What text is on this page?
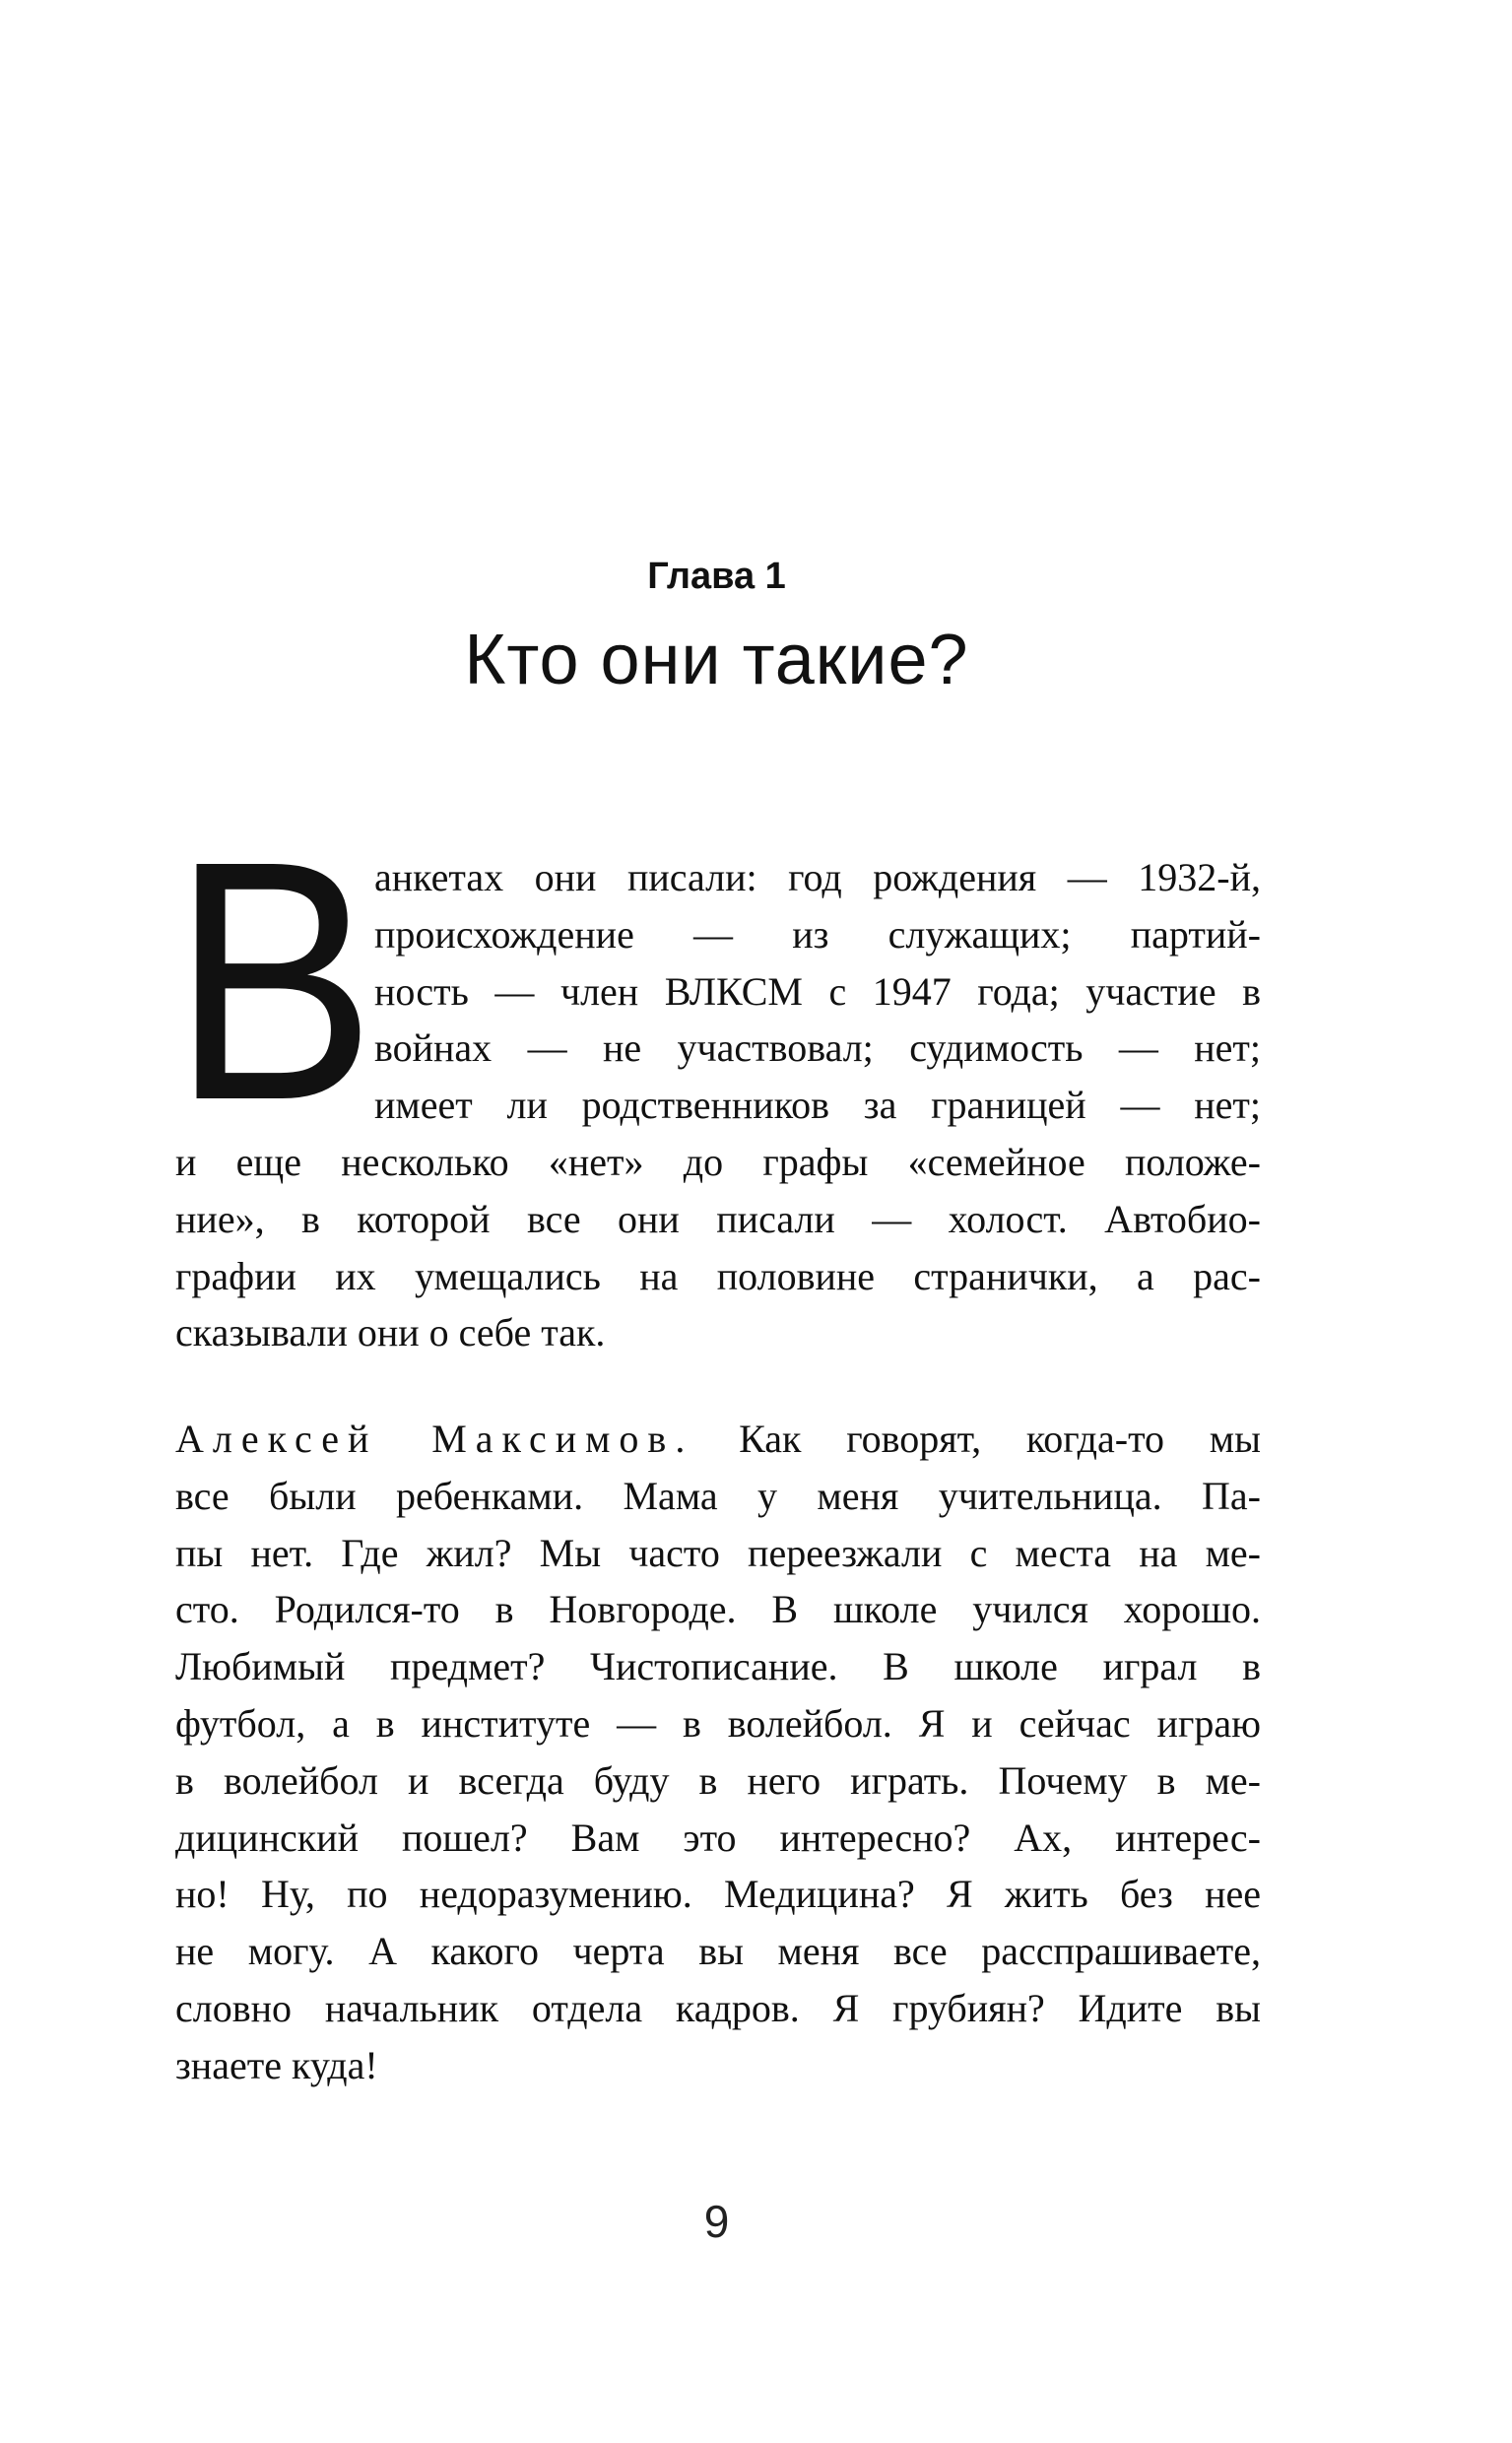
Глава 1
Кто они такие?
В
анкетах они писали: год рождения — 1932-й,
происхождение — из служащих; партий-
ность — член ВЛКСМ с 1947 года; участие в
войнах — не участвовал; судимость — нет;
имеет ли родственников за границей — нет;
и еще несколько «нет» до графы «семейное положе-
ние», в которой все они писали — холост. Автобио-
графии их умещались на половине странички, а рас-
сказывали они о себе так.
Алексей Максимов. Как говорят, когда-то мы
все были ребенками. Мама у меня учительница. Па-
пы нет. Где жил? Мы часто переезжали с места на ме-
сто. Родился-то в Новгороде. В школе учился хорошо.
Любимый предмет? Чистописание. В школе играл в
футбол, а в институте — в волейбол. Я и сейчас играю
в волейбол и всегда буду в него играть. Почему в ме-
дицинский пошел? Вам это интересно? Ах, интерес-
но! Ну, по недоразумению. Медицина? Я жить без нее
не могу. А какого черта вы меня все расспрашиваете,
словно начальник отдела кадров. Я грубиян? Идите вы
знаете куда!
9
